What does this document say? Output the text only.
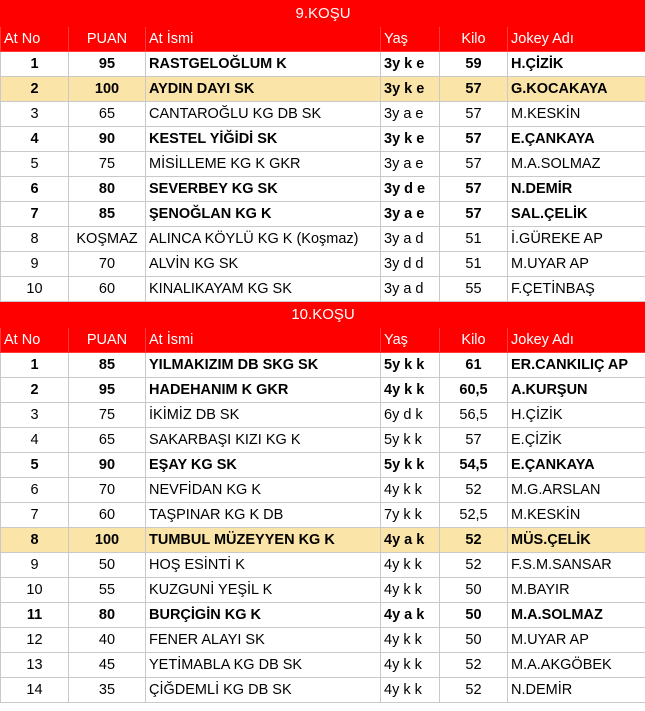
9.KOŞU					
At No	PUAN	At İsmi	Yaş	Kilo	Jokey Adı
1	95	RASTGELOĞLUM K	3y k e	59	H.ÇİZİK
2	100	AYDIN DAYI SK	3y k e	57	G.KOCAKAYA
3	65	CANTAROĞLU KG DB SK	3y a e	57	M.KESKİN
4	90	KESTEL YİĞİDİ SK	3y k e	57	E.ÇANKAYA
5	75	MİSİLLEME KG K GKR	3y a e	57	M.A.SOLMAZ
6	80	SEVERBEY KG SK	3y d e	57	N.DEMİR
7	85	ŞENOĞLAN KG K	3y a e	57	SAL.ÇELİK
8	KOŞMAZ	ALINCA KÖYLÜ KG K (Koşmaz)	3y a d	51	İ.GÜREKE AP
9	70	ALVİN KG SK	3y d d	51	M.UYAR AP
10	60	KINALIKAYAM KG SK	3y a d	55	F.ÇETİNBAŞ
10.KOŞU					
At No	PUAN	At İsmi	Yaş	Kilo	Jokey Adı
1	85	YILMAKIZIM DB SKG SK	5y k k	61	ER.CANKILIÇ AP
2	95	HADEHANIM K GKR	4y k k	60,5	A.KURŞUN
3	75	İKİMİZ DB SK	6y d k	56,5	H.ÇİZİK
4	65	SAKARBAŞI KIZI KG K	5y k k	57	E.ÇİZİK
5	90	EŞAY KG SK	5y k k	54,5	E.ÇANKAYA
6	70	NEVFİDAN KG K	4y k k	52	M.G.ARSLAN
7	60	TAŞPINAR KG K DB	7y k k	52,5	M.KESKİN
8	100	TUMBUL MÜZEYYEN KG K	4y a k	52	MÜS.ÇELİK
9	50	HOŞ ESİNTİ K	4y k k	52	F.S.M.SANSAR
10	55	KUZGUNİ YEŞİL K	4y k k	50	M.BAYIR
11	80	BURÇİGİN KG K	4y a k	50	M.A.SOLMAZ
12	40	FENER ALAYI SK	4y k k	50	M.UYAR AP
13	45	YETİMABLA KG DB SK	4y k k	52	M.A.AKGÖBEK
14	35	ÇİĞDEMLİ KG DB SK	4y k k	52	N.DEMİR
